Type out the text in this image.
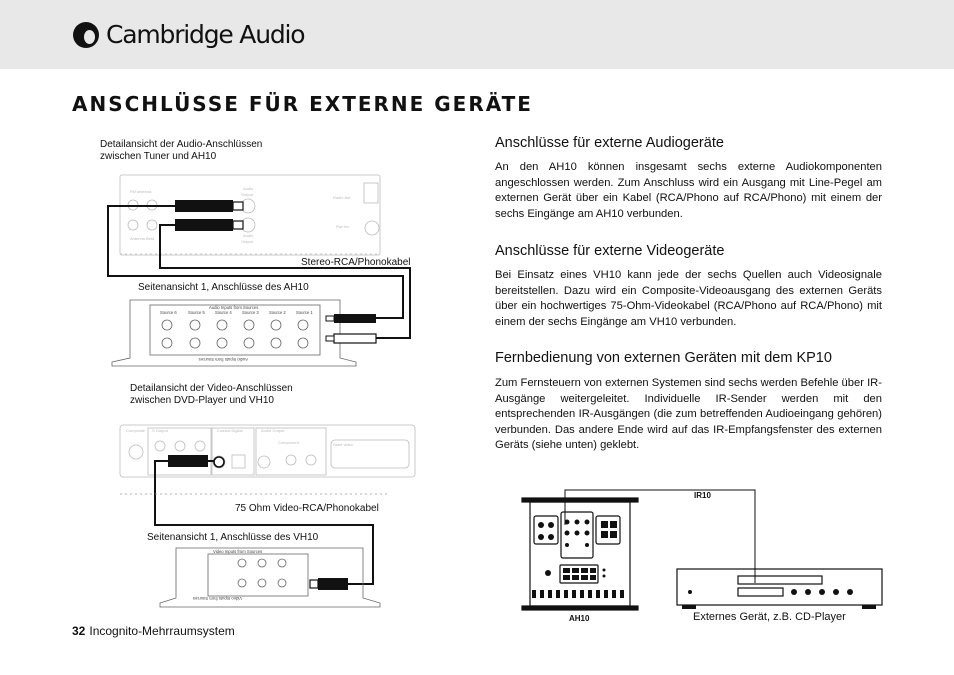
Cambridge Audio
ANSCHLÜSSE FÜR EXTERNE GERÄTE
Detailansicht der Audio-Anschlüssen
zwischen Tuner und AH10
FM antenna
Antenna Beta
Audio
Output
Audio
Output
Radio Ant
Pwr Inc
Audio Inputs from Sources
Source 6	Source 5 Source 4 Source 3 Source 2 Source 1
Audio Inputs from Sources
Composite S Output	Coaxial Digital	Audio Output
Scart video
Component
Video Inputs from Sources
Video Inputs from Sources
Stereo-RCA/Phonokabel
Seitenansicht 1, Anschlüsse des AH10
Detailansicht der Video-Anschlüssen
zwischen DVD-Player und VH10
75 Ohm Video-RCA/Phonokabel
Seitenansicht 1, Anschlüsse des VH10
Anschlüsse für externe Audiogeräte
An den AH10 können insgesamt sechs externe Audiokomponenten angeschlossen werden. Zum Anschluss wird ein Ausgang mit Line-Pegel am externen Gerät über ein Kabel (RCA/Phono auf RCA/Phono) mit einem der sechs Eingänge am AH10 verbunden.
Anschlüsse für externe Videogeräte
Bei Einsatz eines VH10 kann jede der sechs Quellen auch Videosignale bereitstellen. Dazu wird ein Composite-Videoausgang des externen Geräts über ein hochwertiges 75-Ohm-Videokabel (RCA/Phono auf RCA/Phono) mit einem der sechs Eingänge am VH10 verbunden.
Fernbedienung von externen Geräten mit dem KP10
Zum Fernsteuern von externen Systemen sind sechs werden Befehle über IR-Ausgänge weitergeleitet. Individuelle IR-Sender werden mit den entsprechenden IR-Ausgängen (die zum betreffenden Audioeingang gehören) verbunden. Das andere Ende wird auf das IR-Empfangsfenster des externen Geräts (siehe unten) geklebt.
IR10
AH10	Externes Gerät, z.B. CD-Player
32 Incognito-Mehrraumsystem
